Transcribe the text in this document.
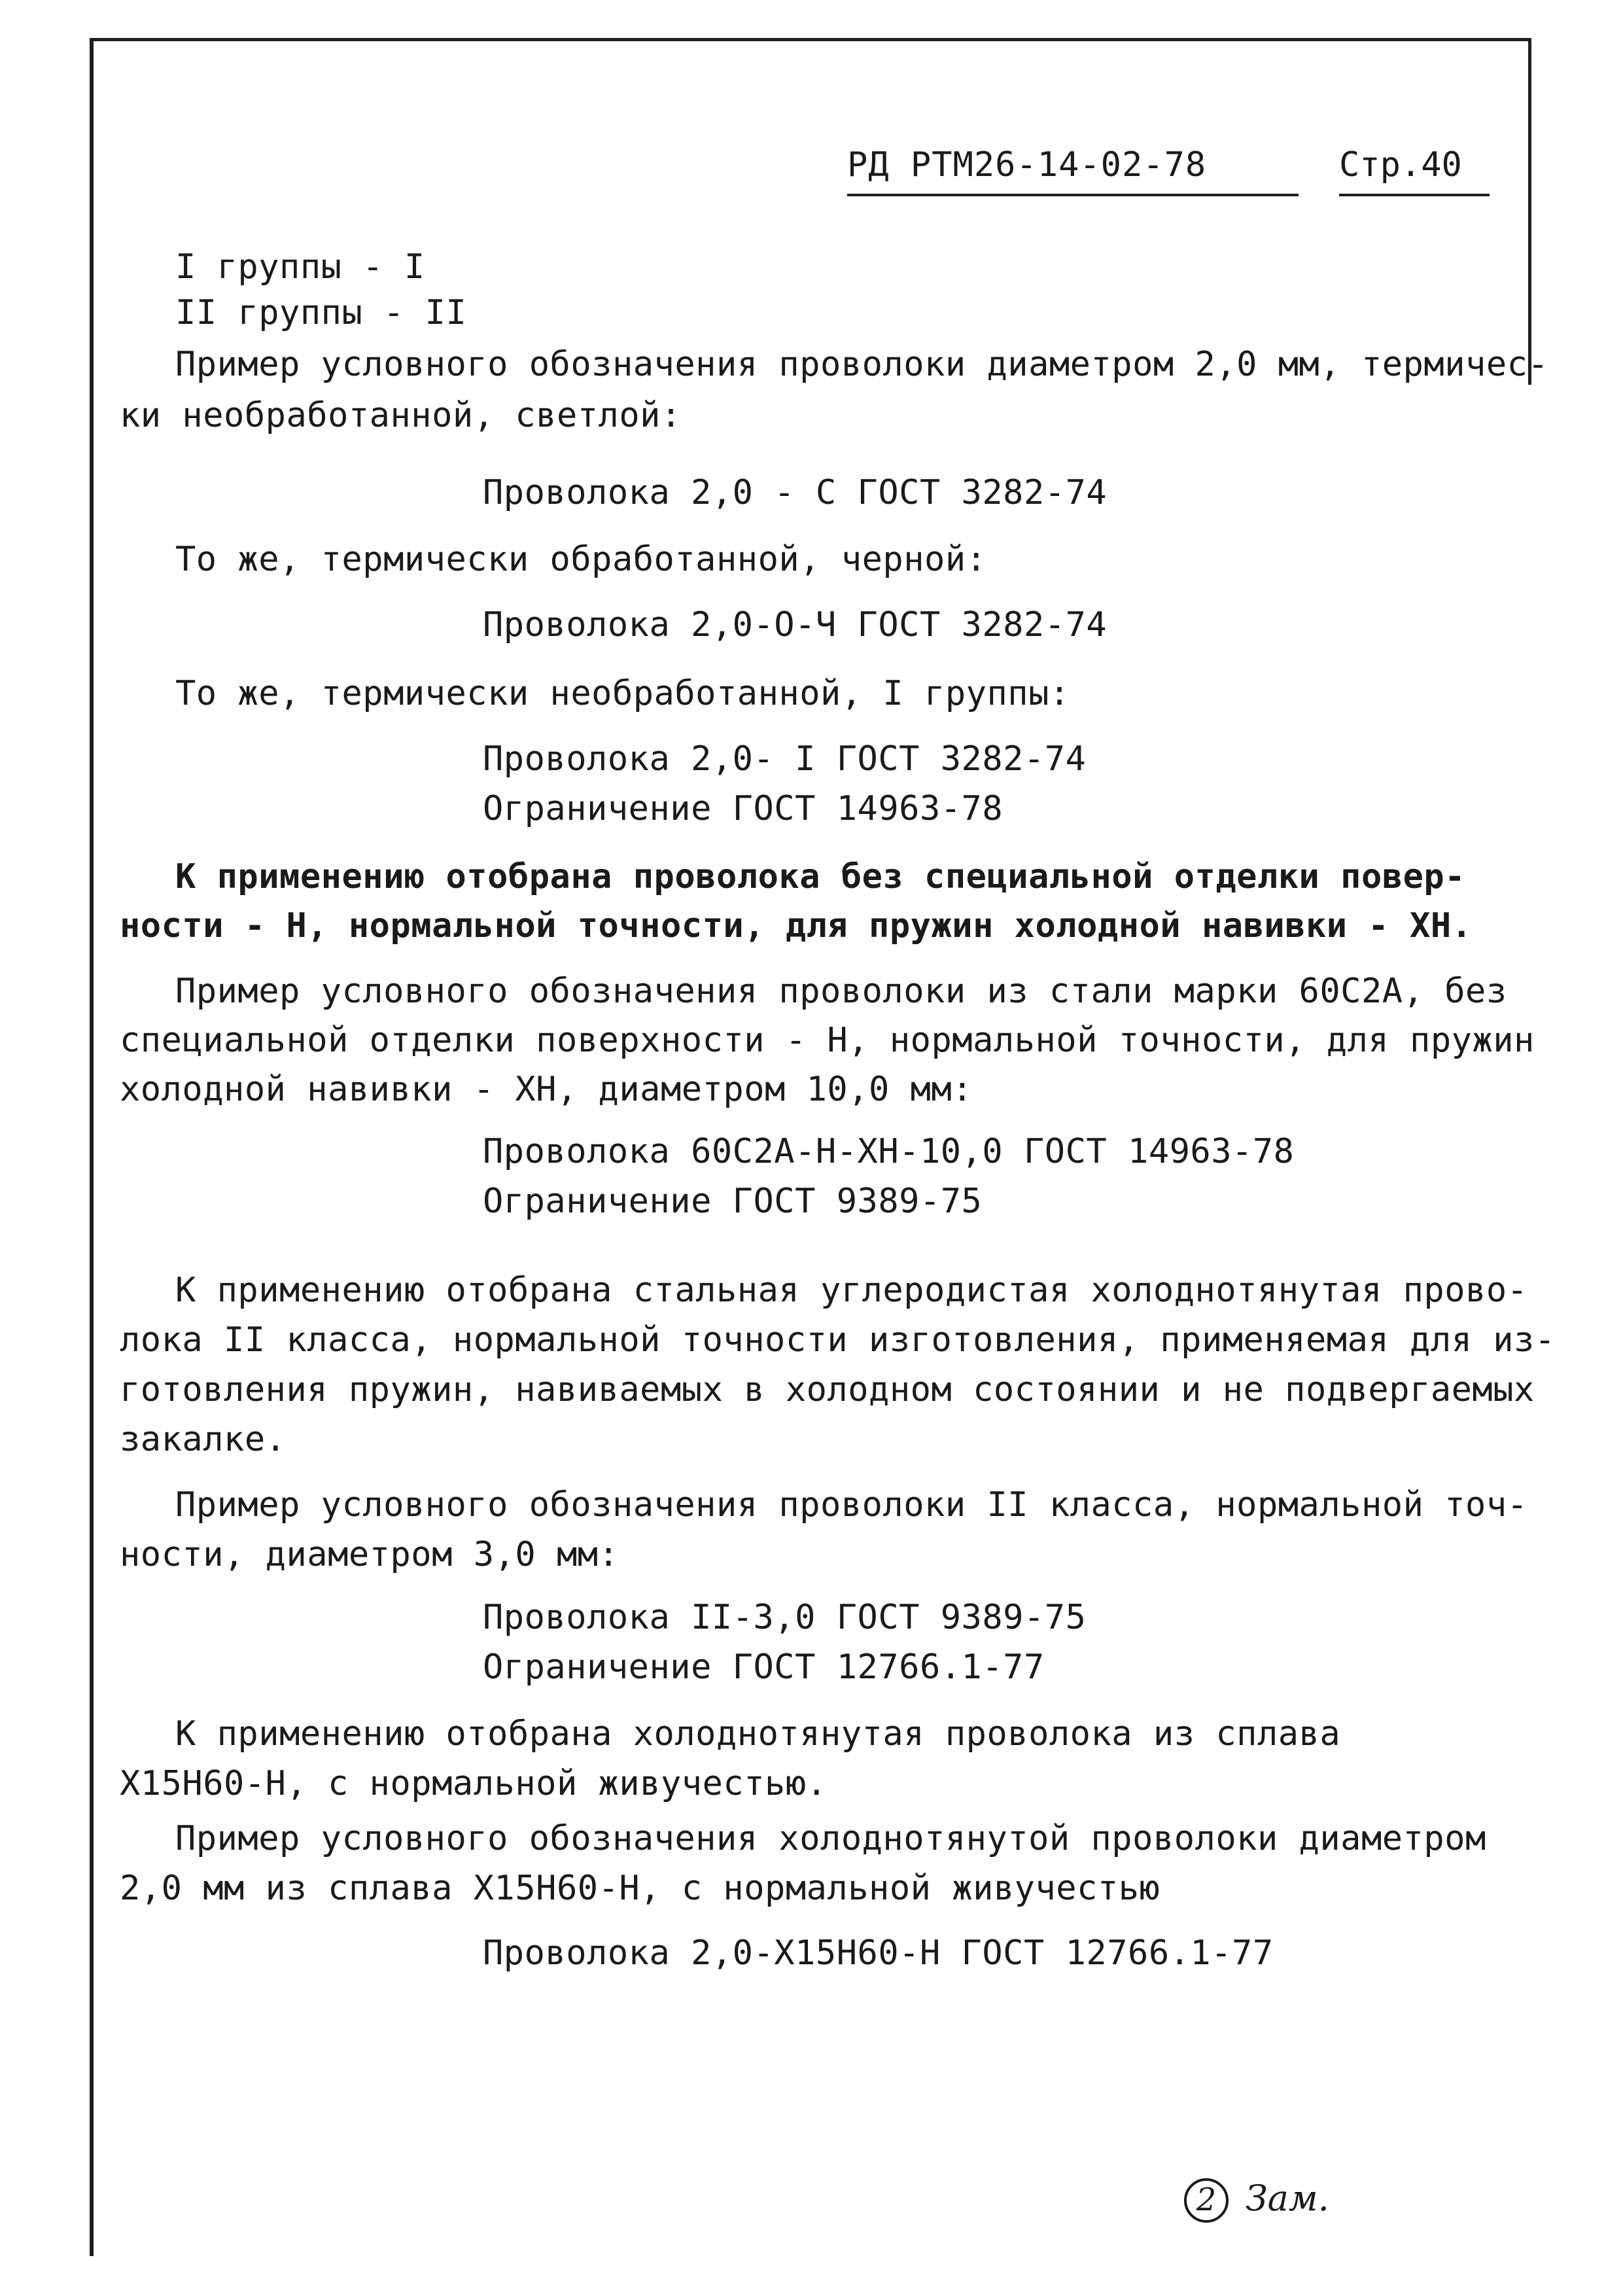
РД РТМ26-14-02-78	Стр.40
I группы - I
II группы - II
Пример условного обозначения проволоки диаметром 2,0 мм, термичес-
ки необработанной, светлой:
Проволока 2,0 - С ГОСТ 3282-74
То же, термически обработанной, черной:
Проволока 2,0-О-Ч ГОСТ 3282-74
То же, термически необработанной, I группы:
Проволока 2,0- I ГОСТ 3282-74
Ограничение ГОСТ 14963-78
К применению отобрана проволока без специальной отделки повер-
ности - Н, нормальной точности, для пружин холодной навивки - ХН.
Пример условного обозначения проволоки из стали марки 60С2А, без
специальной отделки поверхности - Н, нормальной точности, для пружин
холодной навивки - ХН, диаметром 10,0 мм:
Проволока 60С2А-Н-ХН-10,0 ГОСТ 14963-78
Ограничение ГОСТ 9389-75
К применению отобрана стальная углеродистая холоднотянутая прово-
лока II класса, нормальной точности изготовления, применяемая для из-
готовления пружин, навиваемых в холодном состоянии и не подвергаемых
закалке.
Пример условного обозначения проволоки II класса, нормальной точ-
ности, диаметром 3,0 мм:
Проволока II-3,0 ГОСТ 9389-75
Ограничение ГОСТ 12766.1-77
К применению отобрана холоднотянутая проволока из сплава
Х15Н60-Н, с нормальной живучестью.
Пример условного обозначения холоднотянутой проволоки диаметром
2,0 мм из сплава Х15Н60-Н, с нормальной живучестью
Проволока 2,0-Х15Н60-Н ГОСТ 12766.1-77
2 Зам.
